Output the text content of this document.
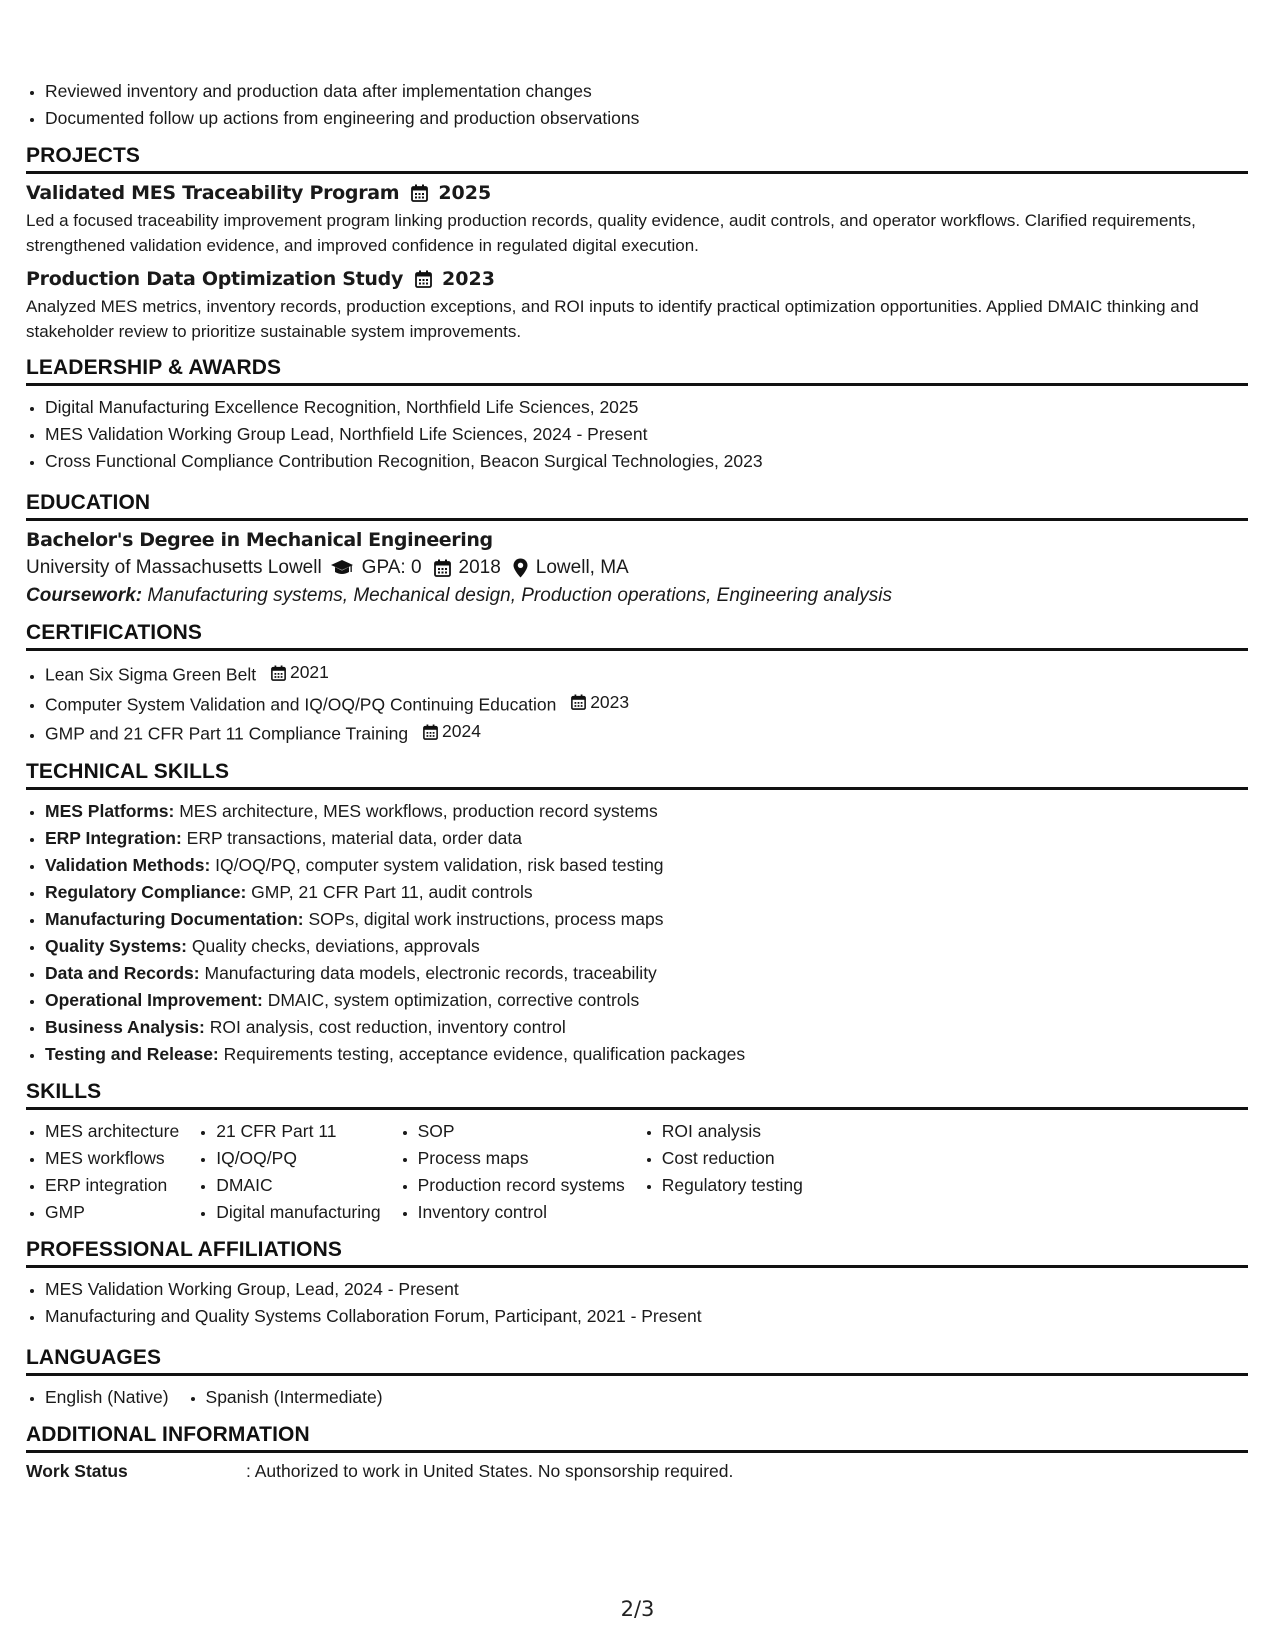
• Reviewed inventory and production data after implementation changes
• Documented follow up actions from engineering and production observations
PROJECTS
Validated MES Traceability Program 2025
Led a focused traceability improvement program linking production records, quality evidence, audit controls, and operator workflows. Clarified requirements, strengthened validation evidence, and improved confidence in regulated digital execution.
Production Data Optimization Study 2023
Analyzed MES metrics, inventory records, production exceptions, and ROI inputs to identify practical optimization opportunities. Applied DMAIC thinking and stakeholder review to prioritize sustainable system improvements.
LEADERSHIP & AWARDS
• Digital Manufacturing Excellence Recognition, Northfield Life Sciences, 2025
• MES Validation Working Group Lead, Northfield Life Sciences, 2024 - Present
• Cross Functional Compliance Contribution Recognition, Beacon Surgical Technologies, 2023
EDUCATION
Bachelor's Degree in Mechanical Engineering
University of Massachusetts Lowell GPA: 0 2018 Lowell, MA
Coursework: Manufacturing systems, Mechanical design, Production operations, Engineering analysis
CERTIFICATIONS
• Lean Six Sigma Green Belt 2021
• Computer System Validation and IQ/OQ/PQ Continuing Education 2023
• GMP and 21 CFR Part 11 Compliance Training 2024
TECHNICAL SKILLS
• MES Platforms: MES architecture, MES workflows, production record systems
• ERP Integration: ERP transactions, material data, order data
• Validation Methods: IQ/OQ/PQ, computer system validation, risk based testing
• Regulatory Compliance: GMP, 21 CFR Part 11, audit controls
• Manufacturing Documentation: SOPs, digital work instructions, process maps
• Quality Systems: Quality checks, deviations, approvals
• Data and Records: Manufacturing data models, electronic records, traceability
• Operational Improvement: DMAIC, system optimization, corrective controls
• Business Analysis: ROI analysis, cost reduction, inventory control
• Testing and Release: Requirements testing, acceptance evidence, qualification packages
SKILLS
• MES architecture
• MES workflows
• ERP integration
• GMP
• 21 CFR Part 11
• IQ/OQ/PQ
• DMAIC
• Digital manufacturing
• SOP
• Process maps
• Production record systems
• Inventory control
• ROI analysis
• Cost reduction
• Regulatory testing
PROFESSIONAL AFFILIATIONS
• MES Validation Working Group, Lead, 2024 - Present
• Manufacturing and Quality Systems Collaboration Forum, Participant, 2021 - Present
LANGUAGES
• English (Native)
• Spanish (Intermediate)
ADDITIONAL INFORMATION
Work Status	: Authorized to work in United States. No sponsorship required.
2/3
